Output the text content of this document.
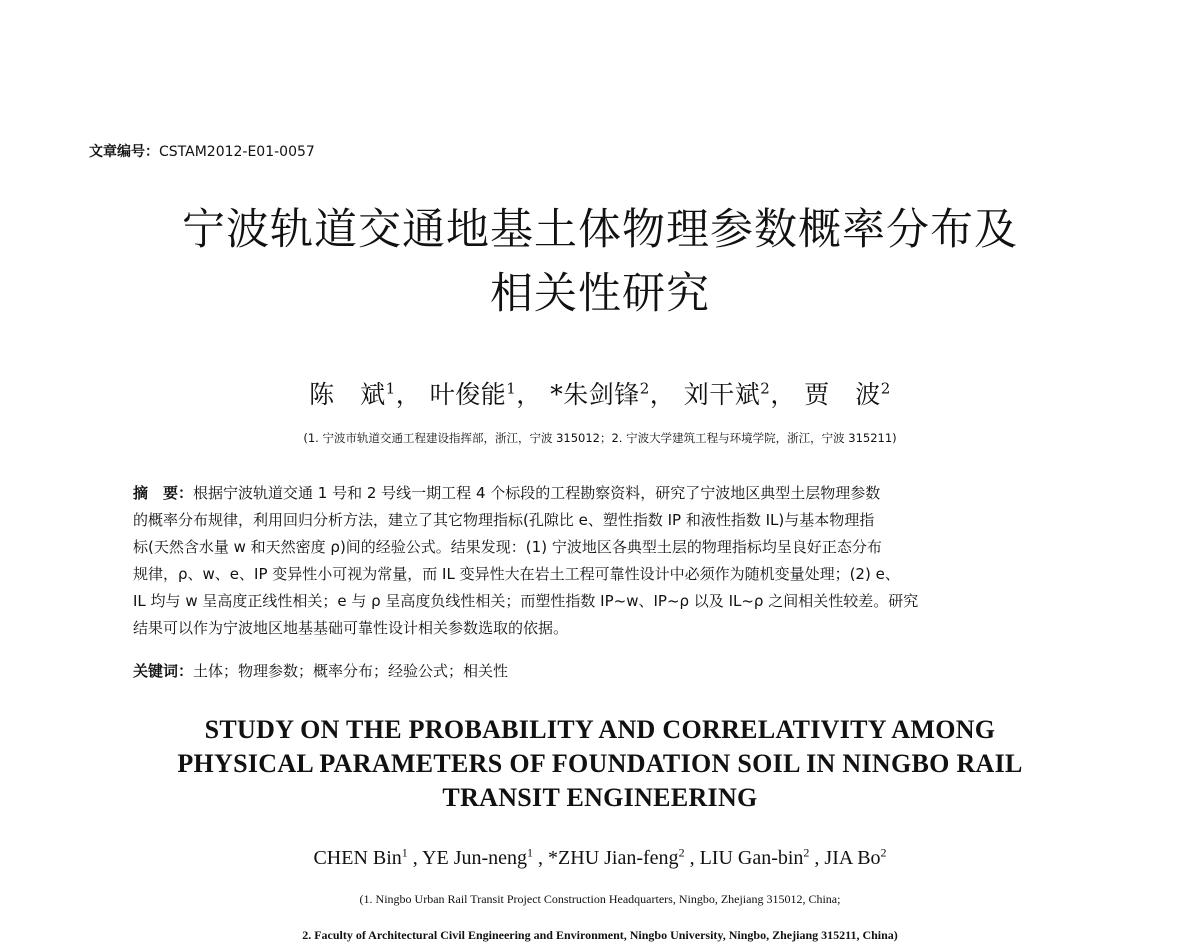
文章编号：CSTAM2012-E01-0057
宁波轨道交通地基土体物理参数概率分布及
相关性研究
陈　斌$^1$， 叶俊能$^1$， *朱剑锋$^2$， 刘干斌$^2$， 贾　波$^2$
(1. 宁波市轨道交通工程建设指挥部，浙江，宁波 315012；2. 宁波大学建筑工程与环境学院，浙江，宁波 315211)
摘　要：根据宁波轨道交通 1 号和 2 号线一期工程 4 个标段的工程勘察资料，研究了宁波地区典型土层物理参数
的概率分布规律，利用回归分析方法，建立了其它物理指标(孔隙比 e、塑性指数 IP 和液性指数 IL)与基本物理指
标(天然含水量 w 和天然密度 ρ)间的经验公式。结果发现：(1) 宁波地区各典型土层的物理指标均呈良好正态分布
规律，ρ、w、e、IP 变异性小可视为常量，而 IL 变异性大在岩土工程可靠性设计中必须作为随机变量处理；(2) e、
IL 均与 w 呈高度正线性相关；e 与 ρ 呈高度负线性相关；而塑性指数 IP~w、IP~ρ 以及 IL~ρ 之间相关性较差。研究
结果可以作为宁波地区地基基础可靠性设计相关参数选取的依据。
关键词：土体；物理参数；概率分布；经验公式；相关性
STUDY ON THE PROBABILITY AND CORRELATIVITY AMONG
PHYSICAL PARAMETERS OF FOUNDATION SOIL IN NINGBO RAIL
TRANSIT ENGINEERING
CHEN Bin$^1$ , YE Jun-neng$^1$ , *ZHU Jian-feng$^2$ , LIU Gan-bin$^2$ , JIA Bo$^2$
(1. Ningbo Urban Rail Transit Project Construction Headquarters, Ningbo, Zhejiang 315012, China;
2. Faculty of Architectural Civil Engineering and Environment, Ningbo University, Ningbo, Zhejiang 315211, China)
